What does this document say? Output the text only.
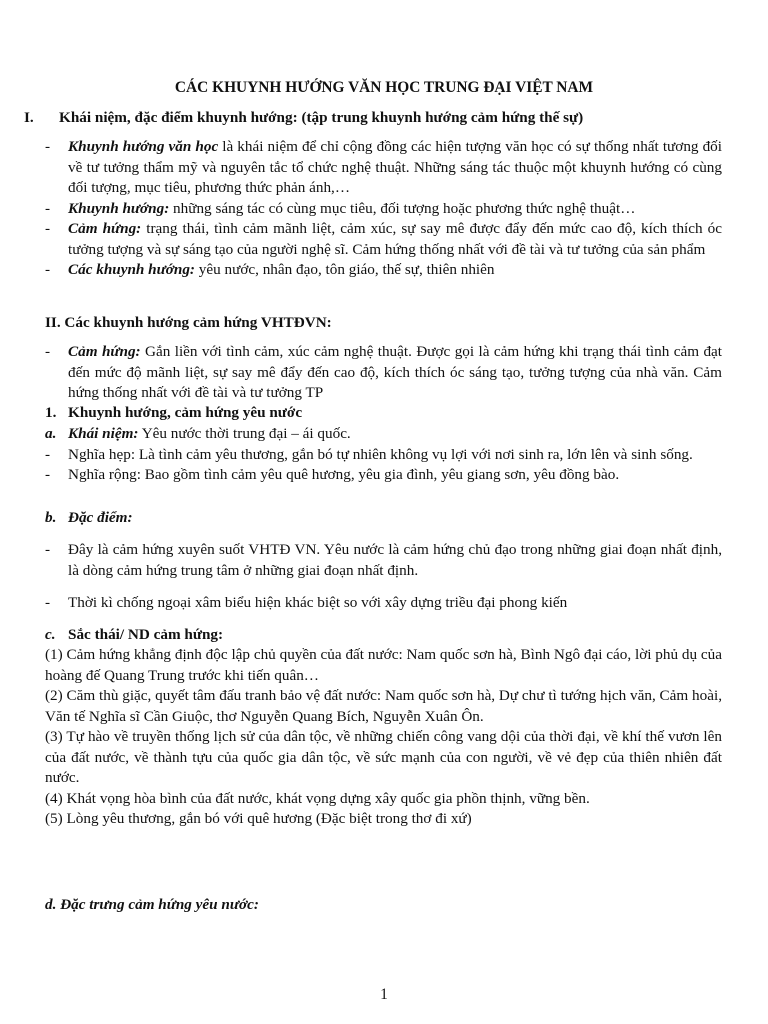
CÁC KHUYNH HƯỚNG VĂN HỌC TRUNG ĐẠI VIỆT NAM
I. Khái niệm, đặc điểm khuynh hướng: (tập trung khuynh hướng cảm hứng thế sự)
- Khuynh hướng văn học là khái niệm để chỉ cộng đồng các hiện tượng văn học có sự thống nhất tương đối về tư tưởng thẩm mỹ và nguyên tắc tổ chức nghệ thuật. Những sáng tác thuộc một khuynh hướng có cùng đối tượng, mục tiêu, phương thức phản ánh,…
- Khuynh hướng: những sáng tác có cùng mục tiêu, đối tượng hoặc phương thức nghệ thuật…
- Cảm hứng: trạng thái, tình cảm mãnh liệt, cảm xúc, sự say mê được đẩy đến mức cao độ, kích thích óc tưởng tượng và sự sáng tạo của người nghệ sĩ. Cảm hứng thống nhất với đề tài và tư tưởng của sản phẩm
- Các khuynh hướng: yêu nước, nhân đạo, tôn giáo, thế sự, thiên nhiên
II. Các khuynh hướng cảm hứng VHTĐVN:
- Cảm hứng: Gắn liền với tình cảm, xúc cảm nghệ thuật. Được gọi là cảm hứng khi trạng thái tình cảm đạt đến mức độ mãnh liệt, sự say mê đẩy đến cao độ, kích thích óc sáng tạo, tưởng tượng của nhà văn. Cảm hứng thống nhất với đề tài và tư tưởng TP
1. Khuynh hướng, cảm hứng yêu nước
a. Khái niệm: Yêu nước thời trung đại – ái quốc.
- Nghĩa hẹp: Là tình cảm yêu thương, gắn bó tự nhiên không vụ lợi với nơi sinh ra, lớn lên và sinh sống.
- Nghĩa rộng: Bao gồm tình cảm yêu quê hương, yêu gia đình, yêu giang sơn, yêu đồng bào.
b. Đặc điểm:
- Đây là cảm hứng xuyên suốt VHTĐ VN. Yêu nước là cảm hứng chủ đạo trong những giai đoạn nhất định, là dòng cảm hứng trung tâm ở những giai đoạn nhất định.
- Thời kì chống ngoại xâm biểu hiện khác biệt so với xây dựng triều đại phong kiến
c. Sắc thái/ ND cảm hứng:
(1) Cảm hứng khẳng định độc lập chủ quyền của đất nước: Nam quốc sơn hà, Bình Ngô đại cáo, lời phủ dụ của hoàng đế Quang Trung trước khi tiến quân…
(2) Căm thù giặc, quyết tâm đấu tranh bảo vệ đất nước: Nam quốc sơn hà, Dự chư tì tướng hịch văn, Cảm hoài, Văn tế Nghĩa sĩ Cần Giuộc, thơ Nguyễn Quang Bích, Nguyễn Xuân Ôn.
(3) Tự hào về truyền thống lịch sử của dân tộc, về những chiến công vang dội của thời đại, về khí thế vươn lên của đất nước, về thành tựu của quốc gia dân tộc, về sức mạnh của con người, về vẻ đẹp của thiên nhiên đất nước.
(4) Khát vọng hòa bình của đất nước, khát vọng dựng xây quốc gia phồn thịnh, vững bền.
(5) Lòng yêu thương, gắn bó với quê hương (Đặc biệt trong thơ đi xứ)
d. Đặc trưng cảm hứng yêu nước:
1
